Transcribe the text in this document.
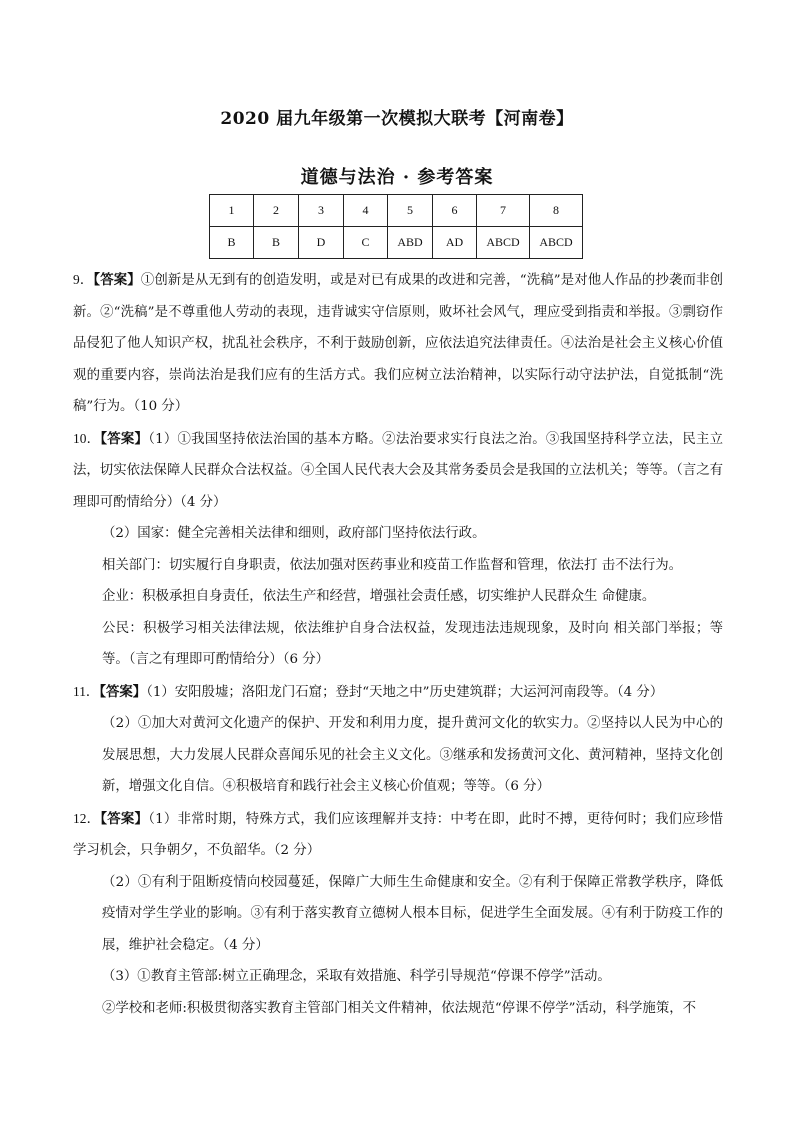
2020 届九年级第一次模拟大联考【河南卷】
道德与法治 · 参考答案
1	2	3	4	5	6	7	8
B	B	D	C	ABD	AD	ABCD	ABCD

9．【答案】①创新是从无到有的创造发明，或是对已有成果的改进和完善，“洗稿”是对他人作品的抄袭而非创新。②“洗稿”是不尊重他人劳动的表现，违背诚实守信原则，败坏社会风气，理应受到指责和举报。③剽窃作品侵犯了他人知识产权，扰乱社会秩序，不利于鼓励创新，应依法追究法律责任。④法治是社会主义核心价值观的重要内容，崇尚法治是我们应有的生活方式。我们应树立法治精神，以实际行动守法护法，自觉抵制“洗稿”行为。（10 分）

10．【答案】（1）①我国坚持依法治国的基本方略。②法治要求实行良法之治。③我国坚持科学立法，民主立法，切实依法保障人民群众合法权益。④全国人民代表大会及其常务委员会是我国的立法机关；等等。（言之有理即可酌情给分）（4 分）

（2）国家：健全完善相关法律和细则，政府部门坚持依法行政。

相关部门：切实履行自身职责，依法加强对医药事业和疫苗工作监督和管理，依法打 击不法行为。

企业：积极承担自身责任，依法生产和经营，增强社会责任感，切实维护人民群众生 命健康。

公民：积极学习相关法律法规，依法维护自身合法权益，发现违法违规现象，及时向 相关部门举报；等等。（言之有理即可酌情给分）（6 分）

11．【答案】（1）安阳殷墟；洛阳龙门石窟；登封“天地之中”历史建筑群；大运河河南段等。（4 分）

（2）①加大对黄河文化遗产的保护、开发和利用力度，提升黄河文化的软实力。②坚持以人民为中心的发展思想，大力发展人民群众喜闻乐见的社会主义文化。③继承和发扬黄河文化、黄河精神，坚持文化创新，增强文化自信。④积极培育和践行社会主义核心价值观；等等。（6 分）

12．【答案】（1）非常时期，特殊方式，我们应该理解并支持：中考在即，此时不搏，更待何时；我们应珍惜学习机会，只争朝夕，不负韶华。（2 分）

（2）①有利于阻断疫情向校园蔓延，保障广大师生生命健康和安全。②有利于保障正常教学秩序，降低疫情对学生学业的影响。③有利于落实教育立德树人根本目标，促进学生全面发展。④有利于防疫工作的展，维护社会稳定。（4 分）

（3）①教育主管部:树立正确理念，采取有效措施、科学引导规范“停课不停学”活动。

②学校和老师:积极贯彻落实教育主管部门相关文件精神，依法规范“停课不停学”活动，科学施策，不
